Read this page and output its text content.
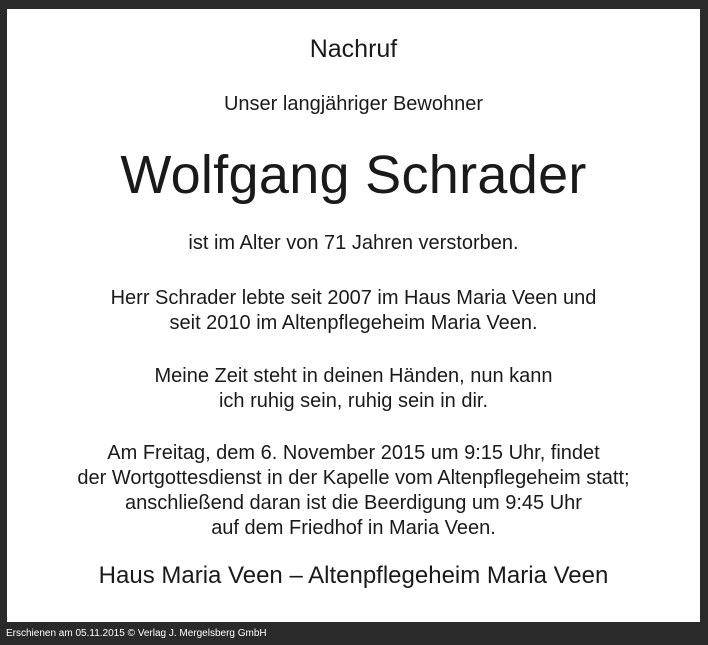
Nachruf
Unser langjähriger Bewohner
Wolfgang Schrader
ist im Alter von 71 Jahren verstorben.
Herr Schrader lebte seit 2007 im Haus Maria Veen und
seit 2010 im Altenpflegeheim Maria Veen.
Meine Zeit steht in deinen Händen, nun kann
ich ruhig sein, ruhig sein in dir.
Am Freitag, dem 6. November 2015 um 9:15 Uhr, findet
der Wortgottesdienst in der Kapelle vom Altenpflegeheim statt;
anschließend daran ist die Beerdigung um 9:45 Uhr
auf dem Friedhof in Maria Veen.
Haus Maria Veen – Altenpflegeheim Maria Veen
Erschienen am 05.11.2015 © Verlag J. Mergelsberg GmbH
